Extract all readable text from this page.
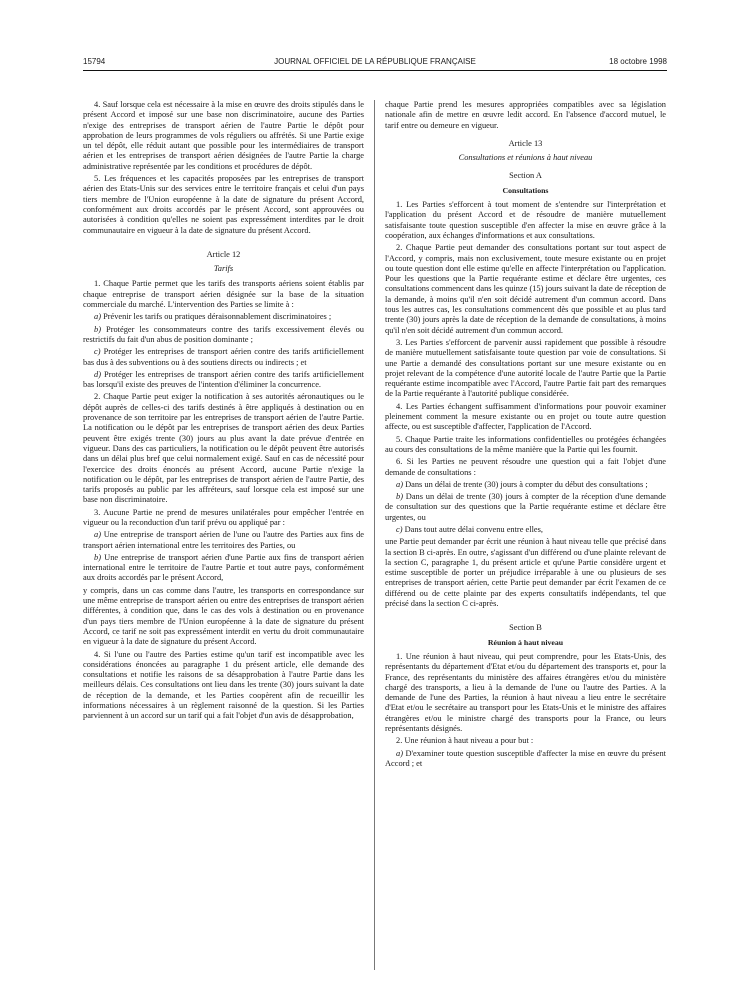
15794	JOURNAL OFFICIEL DE LA RÉPUBLIQUE FRANÇAISE	18 octobre 1998

4. Sauf lorsque cela est nécessaire à la mise en œuvre des droits stipulés dans le présent Accord et imposé sur une base non discriminatoire, aucune des Parties n'exige des entreprises de transport aérien de l'autre Partie le dépôt pour approbation de leurs programmes de vols réguliers ou affrétés. Si une Partie exige un tel dépôt, elle réduit autant que possible pour les intermédiaires de transport aérien et les entreprises de transport aérien désignées de l'autre Partie la charge administrative représentée par les conditions et procédures de dépôt.

5. Les fréquences et les capacités proposées par les entreprises de transport aérien des Etats-Unis sur des services entre le territoire français et celui d'un pays tiers membre de l'Union européenne à la date de signature du présent Accord, conformément aux droits accordés par le présent Accord, sont approuvées ou autorisées à condition qu'elles ne soient pas expressément interdites par le droit communautaire en vigueur à la date de signature du présent Accord.

Article 12

Tarifs

1. Chaque Partie permet que les tarifs des transports aériens soient établis par chaque entreprise de transport aérien désignée sur la base de la situation commerciale du marché. L'intervention des Parties se limite à :

a) Prévenir les tarifs ou pratiques déraisonnablement discriminatoires ;

b) Protéger les consommateurs contre des tarifs excessivement élevés ou restrictifs du fait d'un abus de position dominante ;

c) Protéger les entreprises de transport aérien contre des tarifs artificiellement bas dus à des subventions ou à des soutiens directs ou indirects ; et

d) Protéger les entreprises de transport aérien contre des tarifs artificiellement bas lorsqu'il existe des preuves de l'intention d'éliminer la concurrence.

2. Chaque Partie peut exiger la notification à ses autorités aéronautiques ou le dépôt auprès de celles-ci des tarifs destinés à être appliqués à destination ou en provenance de son territoire par les entreprises de transport aérien de l'autre Partie. La notification ou le dépôt par les entreprises de transport aérien des deux Parties peuvent être exigés trente (30) jours au plus avant la date prévue d'entrée en vigueur. Dans des cas particuliers, la notification ou le dépôt peuvent être autorisés dans un délai plus bref que celui normalement exigé. Sauf en cas de nécessité pour l'exercice des droits énoncés au présent Accord, aucune Partie n'exige la notification ou le dépôt, par les entreprises de transport aérien de l'autre Partie, des tarifs proposés au public par les affréteurs, sauf lorsque cela est imposé sur une base non discriminatoire.

3. Aucune Partie ne prend de mesures unilatérales pour empêcher l'entrée en vigueur ou la reconduction d'un tarif prévu ou appliqué par :

a) Une entreprise de transport aérien de l'une ou l'autre des Parties aux fins de transport aérien international entre les territoires des Parties, ou

b) Une entreprise de transport aérien d'une Partie aux fins de transport aérien international entre le territoire de l'autre Partie et tout autre pays, conformément aux droits accordés par le présent Accord,

y compris, dans un cas comme dans l'autre, les transports en correspondance sur une même entreprise de transport aérien ou entre des entreprises de transport aérien différentes, à condition que, dans le cas des vols à destination ou en provenance d'un pays tiers membre de l'Union européenne à la date de signature du présent Accord, ce tarif ne soit pas expressément interdit en vertu du droit communautaire en vigueur à la date de signature du présent Accord.

4. Si l'une ou l'autre des Parties estime qu'un tarif est incompatible avec les considérations énoncées au paragraphe 1 du présent article, elle demande des consultations et notifie les raisons de sa désapprobation à l'autre Partie dans les meilleurs délais. Ces consultations ont lieu dans les trente (30) jours suivant la date de réception de la demande, et les Parties coopèrent afin de recueillir les informations nécessaires à un règlement raisonné de la question. Si les Parties parviennent à un accord sur un tarif qui a fait l'objet d'un avis de désapprobation,

chaque Partie prend les mesures appropriées compatibles avec sa législation nationale afin de mettre en œuvre ledit accord. En l'absence d'accord mutuel, le tarif entre ou demeure en vigueur.

Article 13

Consultations et réunions à haut niveau

Section A

Consultations

1. Les Parties s'efforcent à tout moment de s'entendre sur l'interprétation et l'application du présent Accord et de résoudre de manière mutuellement satisfaisante toute question susceptible d'en affecter la mise en œuvre grâce à la coopération, aux échanges d'informations et aux consultations.

2. Chaque Partie peut demander des consultations portant sur tout aspect de l'Accord, y compris, mais non exclusivement, toute mesure existante ou en projet ou toute question dont elle estime qu'elle en affecte l'interprétation ou l'application. Pour les questions que la Partie requérante estime et déclare être urgentes, ces consultations commencent dans les quinze (15) jours suivant la date de réception de la demande, à moins qu'il n'en soit décidé autrement d'un commun accord. Dans tous les autres cas, les consultations commencent dès que possible et au plus tard trente (30) jours après la date de réception de la demande de consultations, à moins qu'il n'en soit décidé autrement d'un commun accord.

3. Les Parties s'efforcent de parvenir aussi rapidement que possible à résoudre de manière mutuellement satisfaisante toute question par voie de consultations. Si une Partie a demandé des consultations portant sur une mesure existante ou en projet relevant de la compétence d'une autorité locale de l'autre Partie que la Partie requérante estime incompatible avec l'Accord, l'autre Partie fait part des remarques de la Partie requérante à l'autorité publique considérée.

4. Les Parties échangent suffisamment d'informations pour pouvoir examiner pleinement comment la mesure existante ou en projet ou toute autre question affecte, ou est susceptible d'affecter, l'application de l'Accord.

5. Chaque Partie traite les informations confidentielles ou protégées échangées au cours des consultations de la même manière que la Partie qui les fournit.

6. Si les Parties ne peuvent résoudre une question qui a fait l'objet d'une demande de consultations :

a) Dans un délai de trente (30) jours à compter du début des consultations ;

b) Dans un délai de trente (30) jours à compter de la réception d'une demande de consultation sur des questions que la Partie requérante estime et déclare être urgentes, ou

c) Dans tout autre délai convenu entre elles,

une Partie peut demander par écrit une réunion à haut niveau telle que précisé dans la section B ci-après. En outre, s'agissant d'un différend ou d'une plainte relevant de la section C, paragraphe 1, du présent article et qu'une Partie considère urgent et estime susceptible de porter un préjudice irréparable à une ou plusieurs de ses entreprises de transport aérien, cette Partie peut demander par écrit l'examen de ce différend ou de cette plainte par des experts consultatifs indépendants, tel que précisé dans la section C ci-après.

Section B

Réunion à haut niveau

1. Une réunion à haut niveau, qui peut comprendre, pour les Etats-Unis, des représentants du département d'Etat et/ou du département des transports et, pour la France, des représentants du ministère des affaires étrangères et/ou du ministère chargé des transports, a lieu à la demande de l'une ou l'autre des Parties. A la demande de l'une des Parties, la réunion à haut niveau a lieu entre le secrétaire d'Etat et/ou le secrétaire au transport pour les Etats-Unis et le ministre des affaires étrangères et/ou le ministre chargé des transports pour la France, ou leurs représentants désignés.

2. Une réunion à haut niveau a pour but :

a) D'examiner toute question susceptible d'affecter la mise en œuvre du présent Accord ; et
